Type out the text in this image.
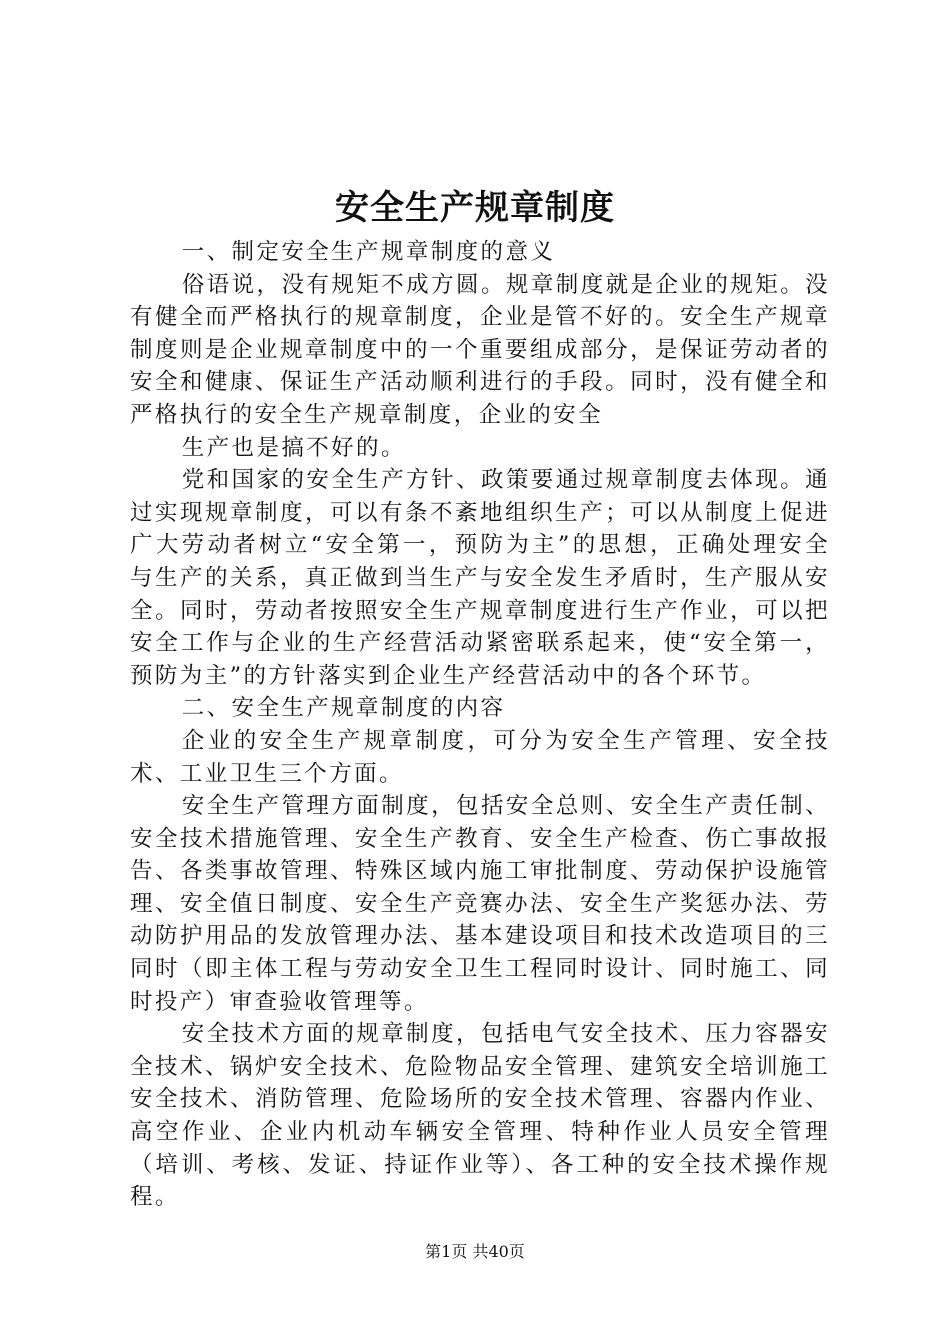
安全生产规章制度

一、制定安全生产规章制度的意义

俗语说，没有规矩不成方圆。规章制度就是企业的规矩。没有健全而严格执行的规章制度，企业是管不好的。安全生产规章制度则是企业规章制度中的一个重要组成部分，是保证劳动者的安全和健康、保证生产活动顺利进行的手段。同时，没有健全和严格执行的安全生产规章制度，企业的安全

生产也是搞不好的。

党和国家的安全生产方针、政策要通过规章制度去体现。通过实现规章制度，可以有条不紊地组织生产；可以从制度上促进广大劳动者树立“安全第一，预防为主”的思想，正确处理安全与生产的关系，真正做到当生产与安全发生矛盾时，生产服从安全。同时，劳动者按照安全生产规章制度进行生产作业，可以把安全工作与企业的生产经营活动紧密联系起来，使“安全第一，预防为主”的方针落实到企业生产经营活动中的各个环节。

二、安全生产规章制度的内容

企业的安全生产规章制度，可分为安全生产管理、安全技术、工业卫生三个方面。

安全生产管理方面制度，包括安全总则、安全生产责任制、安全技术措施管理、安全生产教育、安全生产检查、伤亡事故报告、各类事故管理、特殊区域内施工审批制度、劳动保护设施管理、安全值日制度、安全生产竞赛办法、安全生产奖惩办法、劳动防护用品的发放管理办法、基本建设项目和技术改造项目的三同时（即主体工程与劳动安全卫生工程同时设计、同时施工、同时投产）审查验收管理等。

安全技术方面的规章制度，包括电气安全技术、压力容器安全技术、锅炉安全技术、危险物品安全管理、建筑安全培训施工安全技术、消防管理、危险场所的安全技术管理、容器内作业、高空作业、企业内机动车辆安全管理、特种作业人员安全管理（培训、考核、发证、持证作业等）、各工种的安全技术操作规程。

第1页 共40页
